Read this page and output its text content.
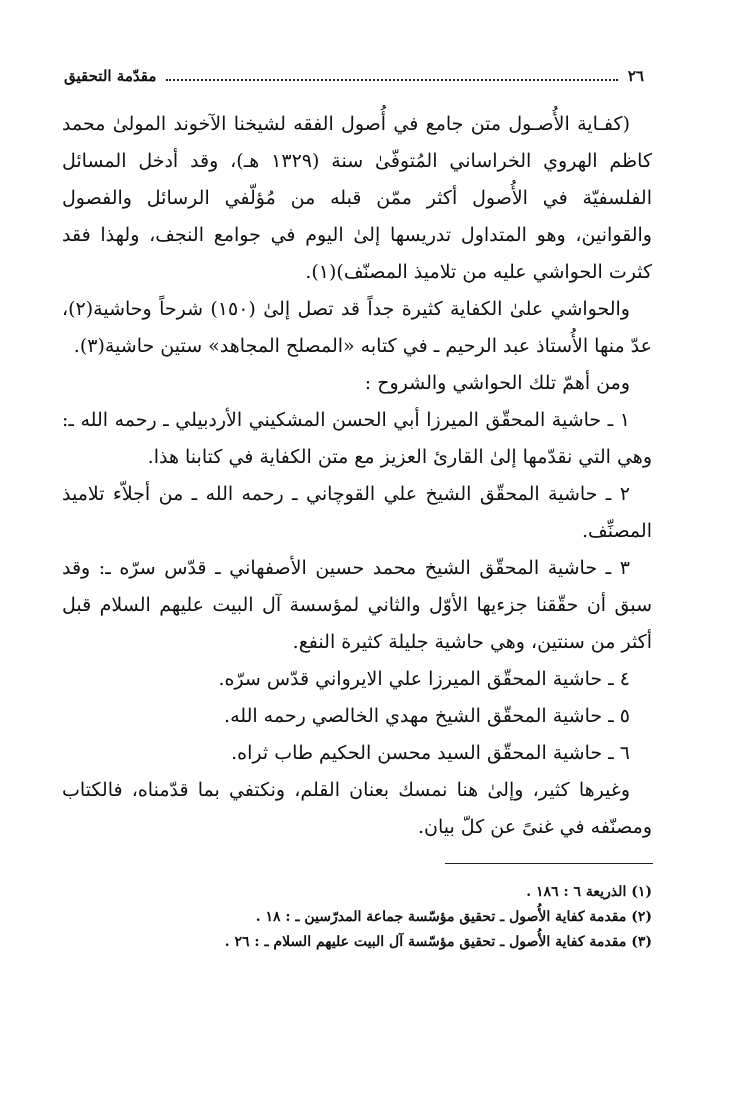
٢٦
مقدّمة التحقيق

(كفـاية الأُصـول متن جامع في أُصول الفقه لشيخنا الآخوند المولىٰ محمد كاظم الهروي الخراساني المُتوفّىٰ سنة (١٣٢٩ هـ)، وقد أدخل المسائل الفلسفيّة في الأُصول أكثر ممّن قبله من مُؤلّفي الرسائل والفصول والقوانين، وهو المتداول تدريسها إلىٰ اليوم في جوامع النجف، ولهذا فقد كثرت الحواشي عليه من تلاميذ المصنّف)(١).

والحواشي علىٰ الكفاية كثيرة جداً قد تصل إلىٰ (١٥٠) شرحاً وحاشية(٢)، عدّ منها الأُستاذ عبد الرحيم ـ في كتابه «المصلح المجاهد» ستين حاشية(٣).

ومن أهمّ تلك الحواشي والشروح :

١ ـ حاشية المحقّق الميرزا أبي الحسن المشكيني الأردبيلي ـ رحمه الله ـ: وهي التي نقدّمها إلىٰ القارئ العزيز مع متن الكفاية في كتابنا هذا.

٢ ـ حاشية المحقّق الشيخ علي القوچاني ـ رحمه الله ـ من أجلاّء تلاميذ المصنِّف.

٣ ـ حاشية المحقّق الشيخ محمد حسين الأصفهاني ـ قدّس سرّه ـ: وقد سبق أن حقّقنا جزءيها الأوّل والثاني لمؤسسة آل البيت عليهم السلام قبل أكثر من سنتين، وهي حاشية جليلة كثيرة النفع.

٤ ـ حاشية المحقّق الميرزا علي الايرواني قدّس سرّه.

٥ ـ حاشية المحقّق الشيخ مهدي الخالصي رحمه الله.

٦ ـ حاشية المحقّق السيد محسن الحكيم طاب ثراه.

وغيرها كثير، وإلىٰ هنا نمسك بعنان القلم، ونكتفي بما قدّمناه، فالكتاب ومصنّفه في غنىً عن كلّ بيان.

(١) الذريعة ٦ : ١٨٦ .

(٢) مقدمة كفاية الأُصول ـ تحقيق مؤسّسة جماعة المدرّسين ـ : ١٨ .

(٣) مقدمة كفاية الأُصول ـ تحقيق مؤسّسة آل البيت عليهم السلام ـ : ٢٦ .
